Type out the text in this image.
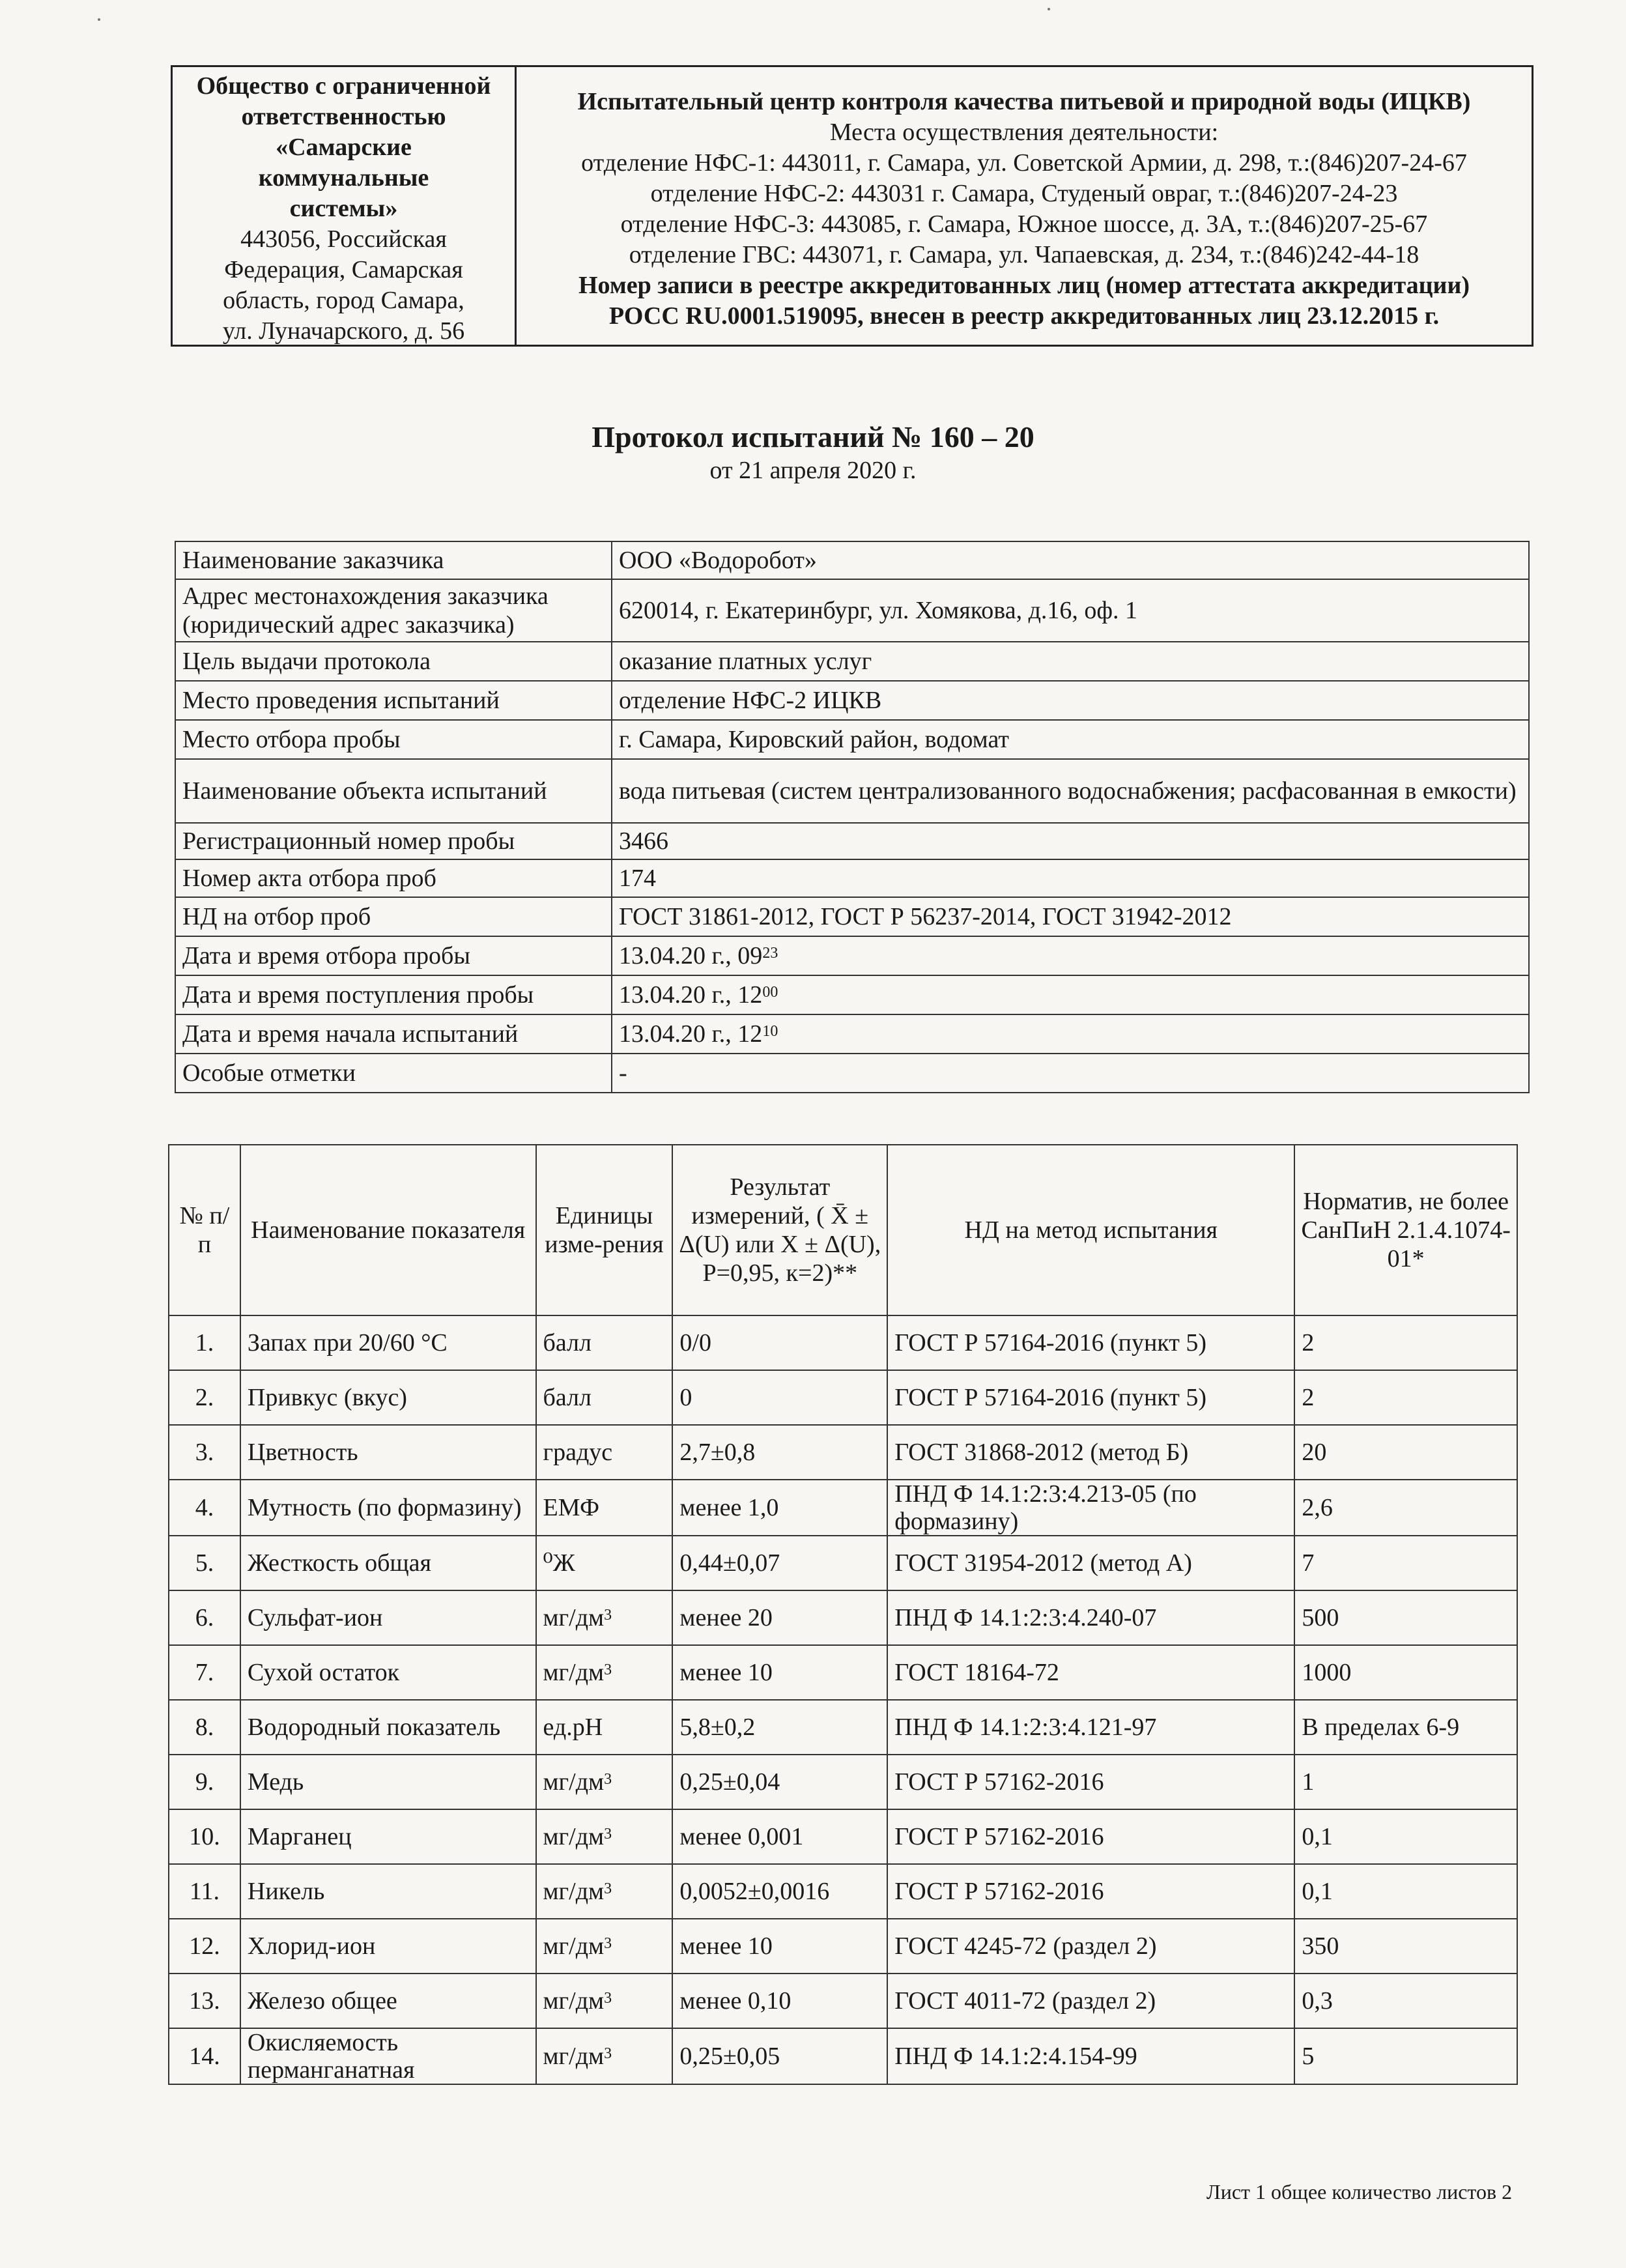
Общество с ограниченной
ответственностью
«Самарские
коммунальные
системы»
443056, Российская
Федерация, Самарская
область, город Самара,
ул. Луначарского, д. 56
Испытательный центр контроля качества питьевой и природной воды (ИЦКВ)
Места осуществления деятельности:
отделение НФС-1: 443011, г. Самара, ул. Советской Армии, д. 298, т.:(846)207-24-67
отделение НФС-2: 443031 г. Самара, Студеный овраг, т.:(846)207-24-23
отделение НФС-3: 443085, г. Самара, Южное шоссе, д. 3А, т.:(846)207-25-67
отделение ГВС: 443071, г. Самара, ул. Чапаевская, д. 234, т.:(846)242-44-18
Номер записи в реестре аккредитованных лиц (номер аттестата аккредитации)
РОСС RU.0001.519095, внесен в реестр аккредитованных лиц 23.12.2015 г.
Протокол испытаний № 160 – 20
от 21 апреля 2020 г.
Наименование заказчика	ООО «Водоробот»
Адрес местонахождения заказчика (юридический адрес заказчика)	620014, г. Екатеринбург, ул. Хомякова, д.16, оф. 1
Цель выдачи протокола	оказание платных услуг
Место проведения испытаний	отделение НФС-2 ИЦКВ
Место отбора пробы	г. Самара, Кировский район, водомат
Наименование объекта испытаний	вода питьевая (систем централизованного водоснабжения; расфасованная в емкости)
Регистрационный номер пробы	3466
Номер акта отбора проб	174
НД на отбор проб	ГОСТ 31861-2012, ГОСТ Р 56237-2014, ГОСТ 31942-2012
Дата и время отбора пробы	13.04.20 г., $09^{23}$
Дата и время поступления пробы	13.04.20 г., $12^{00}$
Дата и время начала испытаний	13.04.20 г., $12^{10}$
Особые отметки	-
№ п/п	Наименование показателя	Единицы изме-рения	Результат измерений, ( X̄ ± Δ(U) или X ± Δ(U), P=0,95, к=2)**	НД на метод испытания	Норматив, не более СанПиН 2.1.4.1074-01*
1.	Запах при 20/60 °С	балл	0/0	ГОСТ Р 57164-2016 (пункт 5)	2
2.	Привкус (вкус)	балл	0	ГОСТ Р 57164-2016 (пункт 5)	2
3.	Цветность	градус	2,7±0,8	ГОСТ 31868-2012 (метод Б)	20
4.	Мутность (по формазину)	ЕМФ	менее 1,0	ПНД Ф 14.1:2:3:4.213-05 (по формазину)	2,6
5.	Жесткость общая	⁰Ж	0,44±0,07	ГОСТ 31954-2012 (метод А)	7
6.	Сульфат-ион	$мг/дм^3$	менее 20	ПНД Ф 14.1:2:3:4.240-07	500
7.	Сухой остаток	$мг/дм^3$	менее 10	ГОСТ 18164-72	1000
8.	Водородный показатель	ед.pH	5,8±0,2	ПНД Ф 14.1:2:3:4.121-97	В пределах 6-9
9.	Медь	$мг/дм^3$	0,25±0,04	ГОСТ Р 57162-2016	1
10.	Марганец	$мг/дм^3$	менее 0,001	ГОСТ Р 57162-2016	0,1
11.	Никель	$мг/дм^3$	0,0052±0,0016	ГОСТ Р 57162-2016	0,1
12.	Хлорид-ион	$мг/дм^3$	менее 10	ГОСТ 4245-72 (раздел 2)	350
13.	Железо общее	$мг/дм^3$	менее 0,10	ГОСТ 4011-72 (раздел 2)	0,3
14.	Окисляемость перманганатная	$мг/дм^3$	0,25±0,05	ПНД Ф 14.1:2:4.154-99	5
Лист 1 общее количество листов 2
